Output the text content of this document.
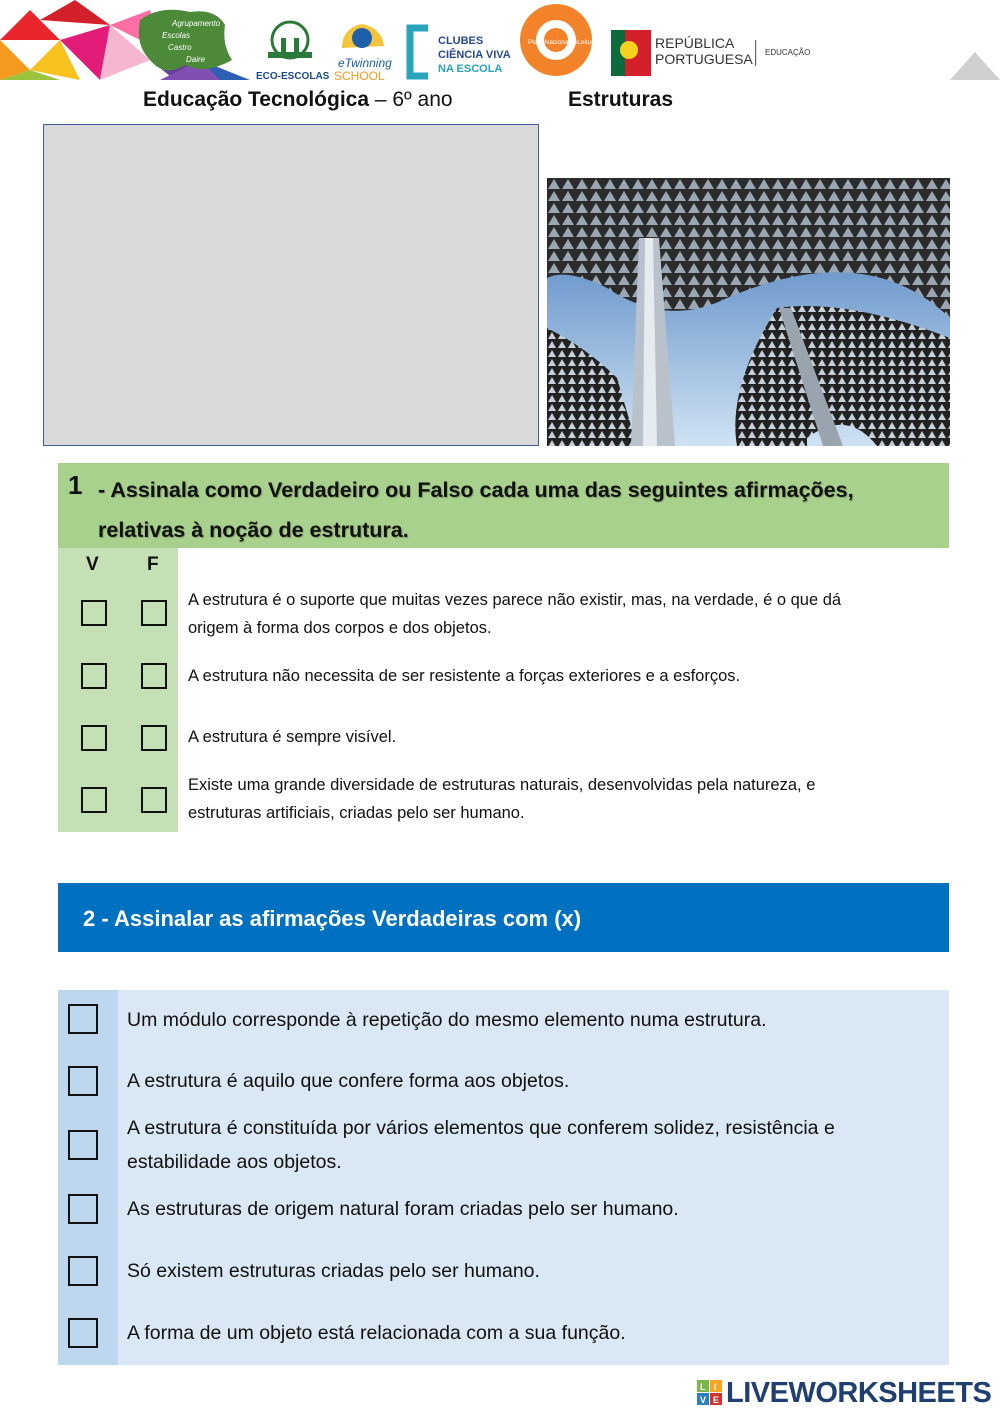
Agrupamento
Escolas
Castro
Daire
ECO-ESCOLAS
eTwinning
SCHOOL
CLUBES
CIÊNCIA VIVA
NA ESCOLA
PlanoNacionaldeLeitura	REPÚBLICA
PORTUGUESA EDUCAÇÃO
Educação Tecnológica – 6º ano	Estruturas
1 - Assinala como Verdadeiro ou Falso cada uma das seguintes afirmações,
relativas à noção de estrutura.
V	F
A estrutura é o suporte que muitas vezes parece não existir, mas, na verdade, é o que dá
origem à forma dos corpos e dos objetos.
A estrutura não necessita de ser resistente a forças exteriores e a esforços.
A estrutura é sempre visível.
Existe uma grande diversidade de estruturas naturais, desenvolvidas pela natureza, e
estruturas artificiais, criadas pelo ser humano.
2 - Assinalar as afirmações Verdadeiras com (x)
Um módulo corresponde à repetição do mesmo elemento numa estrutura.
A estrutura é aquilo que confere forma aos objetos.
A estrutura é constituída por vários elementos que conferem solidez, resistência e
estabilidade aos objetos.
As estruturas de origem natural foram criadas pelo ser humano.
Só existem estruturas criadas pelo ser humano.
A forma de um objeto está relacionada com a sua função.
L I
V E LIVEWORKSHEETS
